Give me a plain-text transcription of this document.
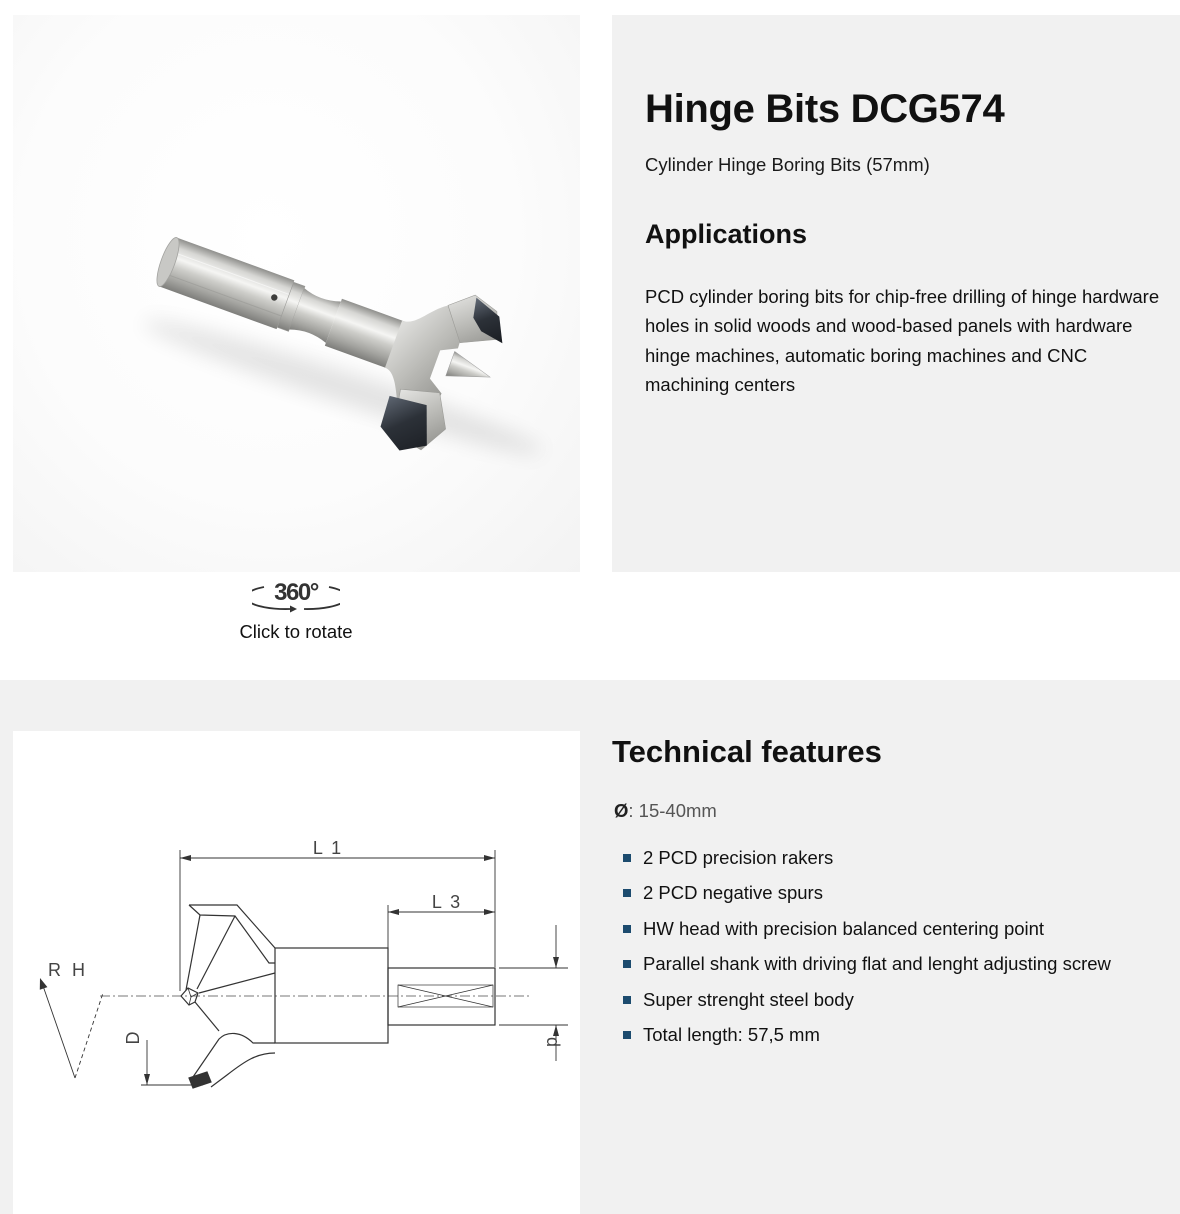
360°
Click to rotate
Hinge Bits DCG574

Cylinder Hinge Boring Bits (57mm)

Applications

PCD cylinder boring bits for chip-free drilling of hinge hardware holes in solid woods and wood-based panels with hardware hinge machines, automatic boring machines and CNC machining centers

L 1
L 3
R H
D	d
Technical features
Ø: 15-40mm
2 PCD precision rakers
2 PCD negative spurs
HW head with precision balanced centering point
Parallel shank with driving flat and lenght adjusting screw
Super strenght steel body
Total length: 57,5 mm
